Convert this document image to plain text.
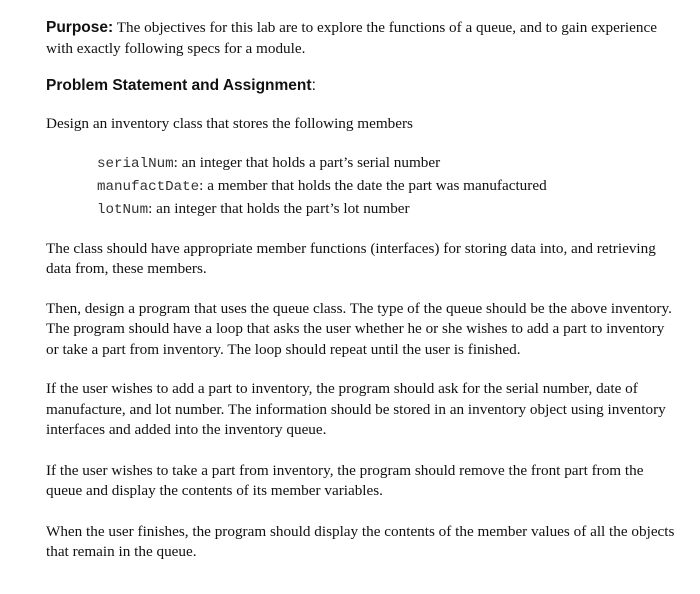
Purpose: The objectives for this lab are to explore the functions of a queue, and to gain experience with exactly following specs for a module.

Problem Statement and Assignment:

Design an inventory class that stores the following members

serialNum: an integer that holds a part’s serial number
manufactDate: a member that holds the date the part was manufactured
lotNum: an integer that holds the part’s lot number

The class should have appropriate member functions (interfaces) for storing data into, and retrieving data from, these members.

Then, design a program that uses the queue class. The type of the queue should be the above inventory. The program should have a loop that asks the user whether he or she wishes to add a part to inventory or take a part from inventory. The loop should repeat until the user is finished.

If the user wishes to add a part to inventory, the program should ask for the serial number, date of manufacture, and lot number. The information should be stored in an inventory object using inventory interfaces and added into the inventory queue.

If the user wishes to take a part from inventory, the program should remove the front part from the queue and display the contents of its member variables.

When the user finishes, the program should display the contents of the member values of all the objects that remain in the queue.
